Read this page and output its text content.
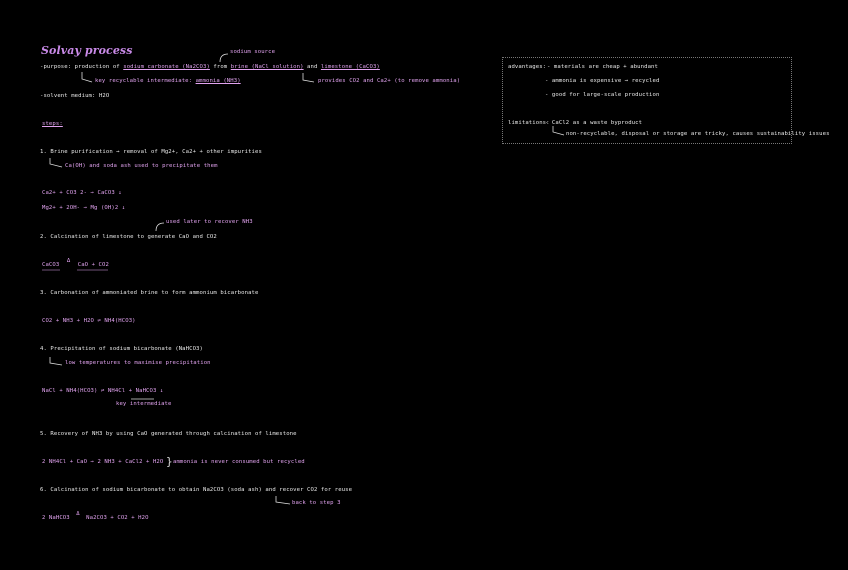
Solvay process	sodium source
-purpose: production of sodium carbonate (Na2CO3) from brine (NaCl solution) and limestone (CaCO3)
key recyclable intermediate: ammonia (NH3)	provides CO2 and Ca2+ (to remove ammonia)
-solvent medium: H2O
steps:
1. Brine purification → removal of Mg2+, Ca2+ + other impurities
Ca(OH) and soda ash used to precipitate them
Ca2+ + CO3 2- → CaCO3 ↓
Mg2+ + 2OH- → Mg (OH)2 ↓
used later to recover NH3
2. Calcination of limestone to generate CaO and CO2
CaCO3 Δ CaO + CO2
3. Carbonation of ammoniated brine to form ammonium bicarbonate
CO2 + NH3 + H2O ⇌ NH4(HCO3)
4. Precipitation of sodium bicarbonate (NaHCO3)
low temperatures to maximise precipitation
NaCl + NH4(HCO3) ⇌ NH4Cl + NaHCO3 ↓
key intermediate
5. Recovery of NH3 by using CaO generated through calcination of limestone
2 NH4Cl + CaO → 2 NH3 + CaCl2 + H2O } ammonia is never consumed but recycled
6. Calcination of sodium bicarbonate to obtain Na2CO3 (soda ash) and recover CO2 for reuse
back to step 3
2 NaHCO3 Δ Na2CO3 + CO2 + H2O
advantages: - materials are cheap + abundant
- ammonia is expensive → recycled
- good for large-scale production
limitations:
- CaCl2 as a waste byproduct
non-recyclable, disposal or storage are tricky, causes sustainability issues
